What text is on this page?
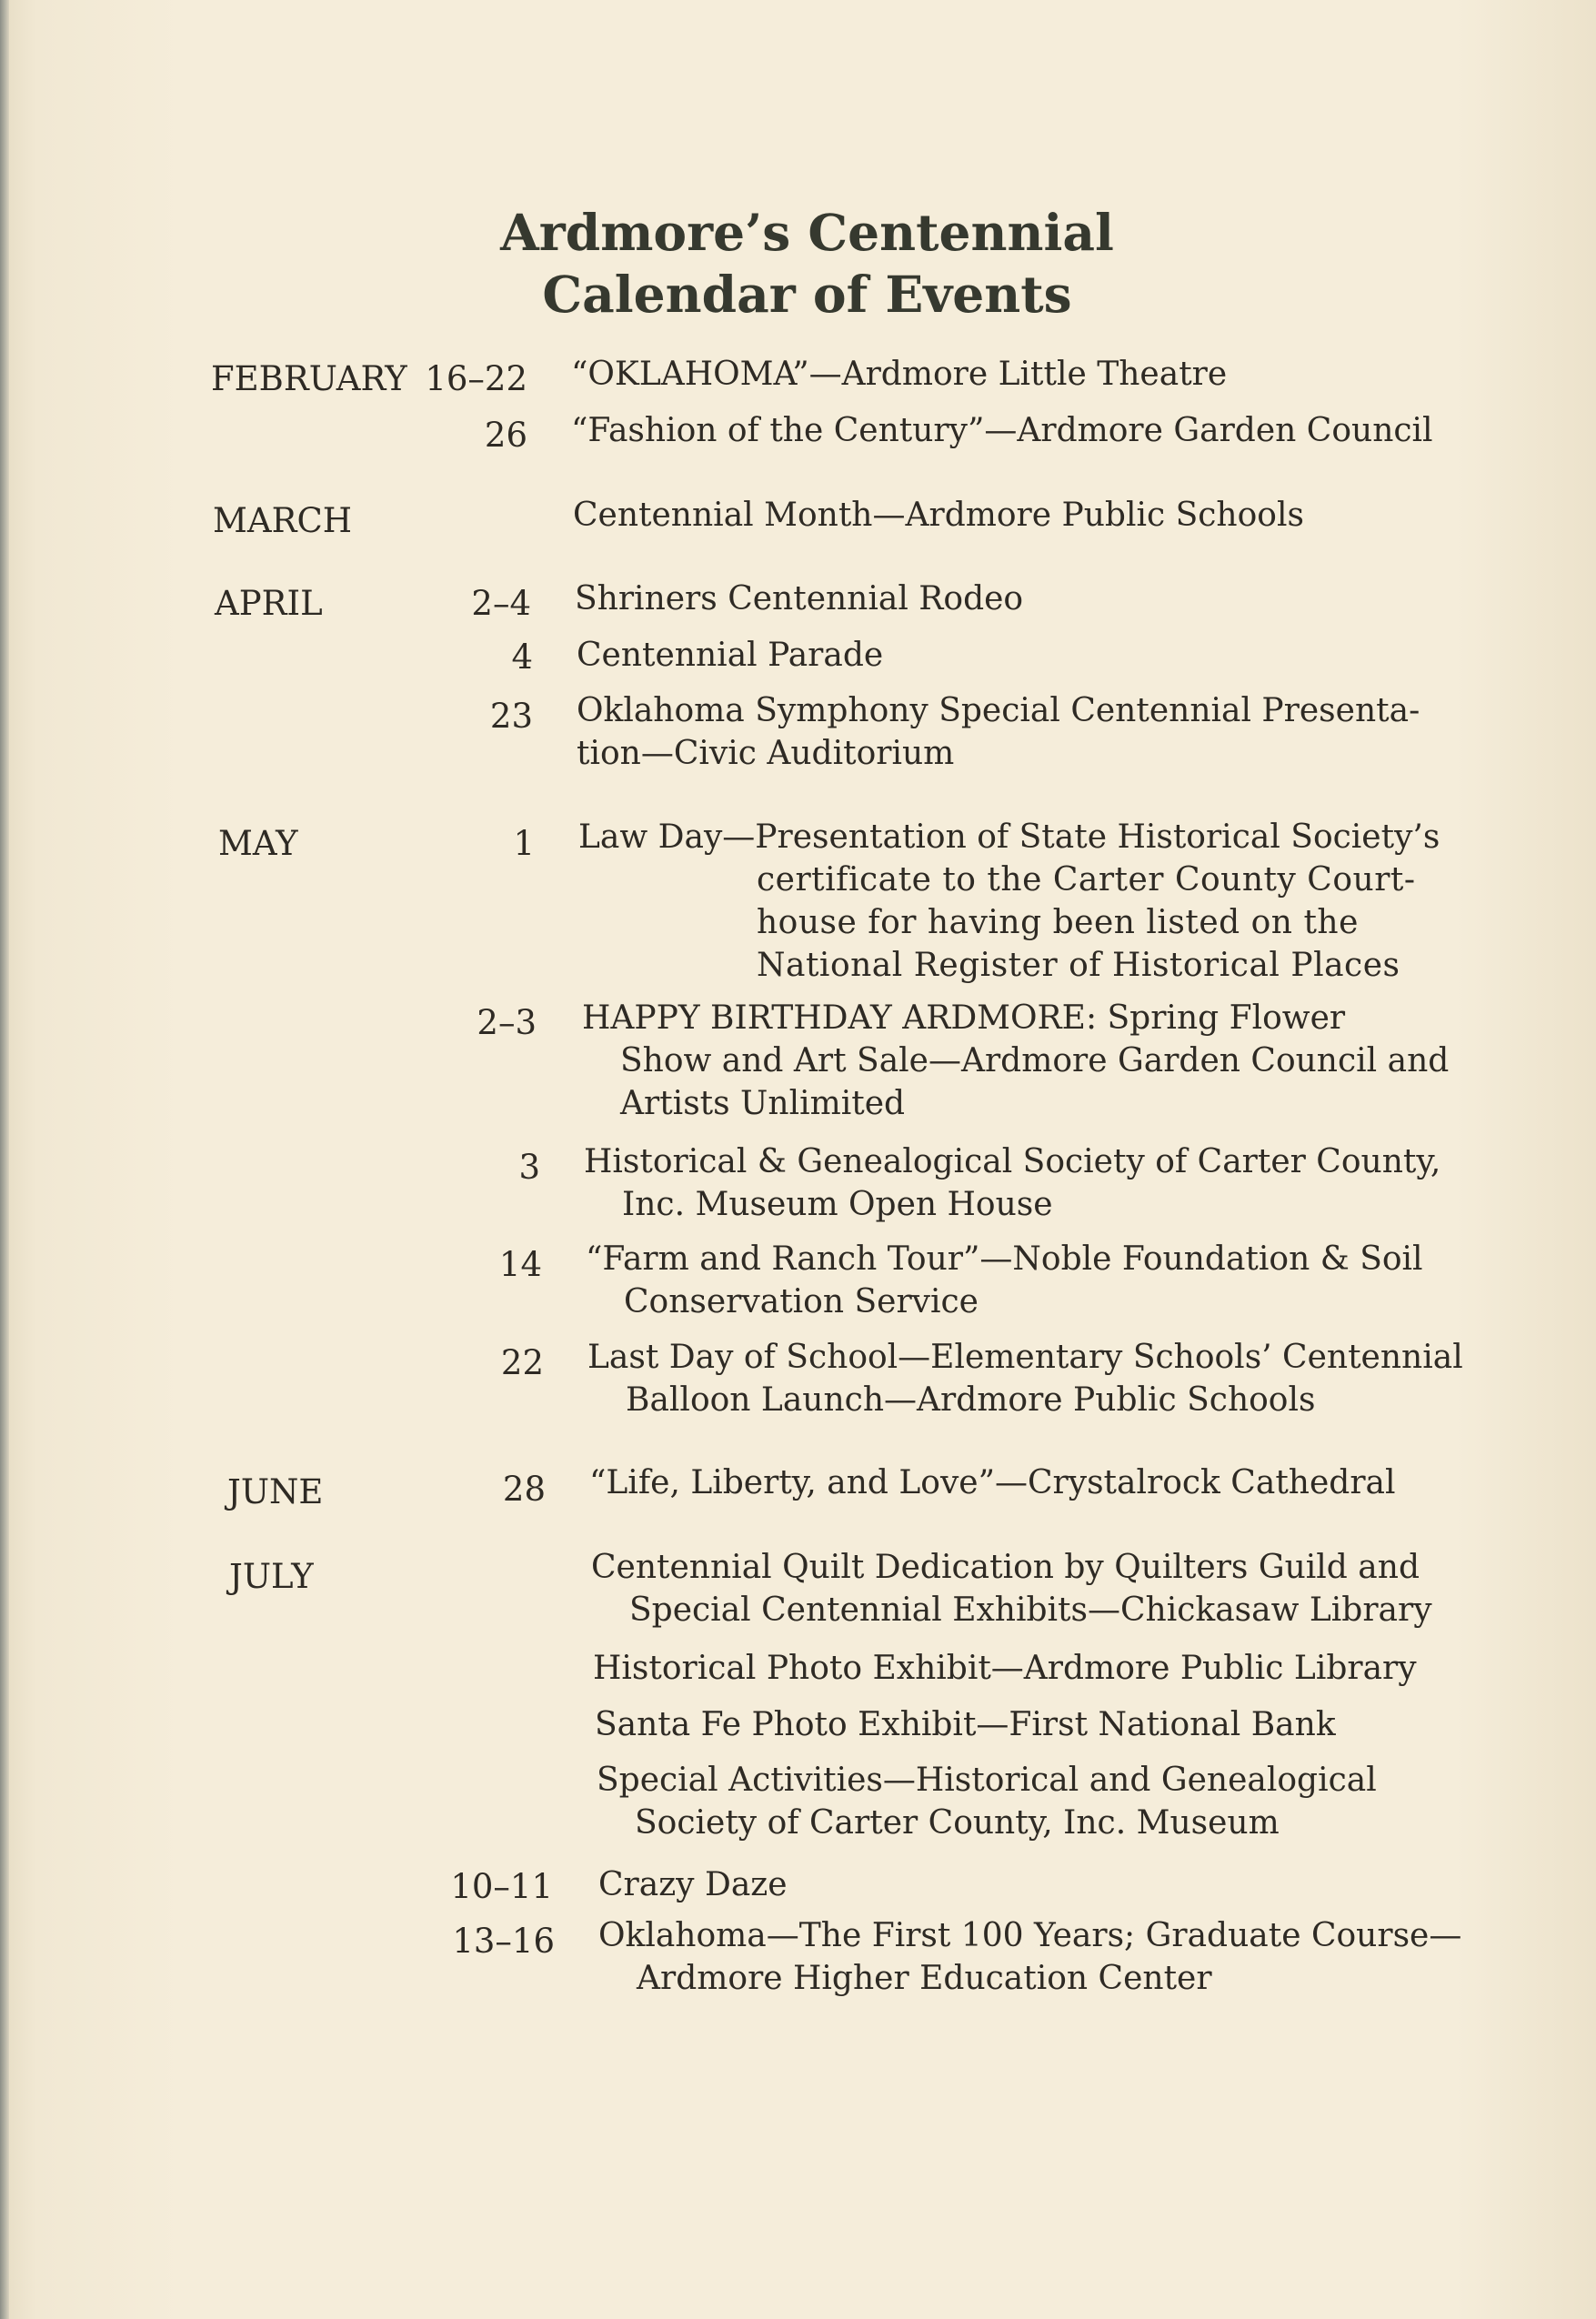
Ardmore’s Centennial
Calendar of Events
FEBRUARY 16–22 “OKLAHOMA”—Ardmore Little Theatre
26 “Fashion of the Century”—Ardmore Garden Council
MARCH	Centennial Month—Ardmore Public Schools
APRIL	2–4 Shriners Centennial Rodeo
4 Centennial Parade
23 Oklahoma Symphony Special Centennial Presenta-
tion—Civic Auditorium
MAY	1 Law Day—Presentation of State Historical Society’s
certificate to the Carter County Court-
house for having been listed on the
National Register of Historical Places
2–3 HAPPY BIRTHDAY ARDMORE: Spring Flower
Show and Art Sale—Ardmore Garden Council and
Artists Unlimited
3 Historical & Genealogical Society of Carter County,
Inc. Museum Open House
14 “Farm and Ranch Tour”—Noble Foundation & Soil
Conservation Service
22 Last Day of School—Elementary Schools’ Centennial
Balloon Launch—Ardmore Public Schools
JUNE	28 “Life, Liberty, and Love”—Crystalrock Cathedral
JULY	Centennial Quilt Dedication by Quilters Guild and
Special Centennial Exhibits—Chickasaw Library
Historical Photo Exhibit—Ardmore Public Library
Santa Fe Photo Exhibit—First National Bank
Special Activities—Historical and Genealogical
Society of Carter County, Inc. Museum
10–11 Crazy Daze
13–16 Oklahoma—The First 100 Years; Graduate Course—
Ardmore Higher Education Center
